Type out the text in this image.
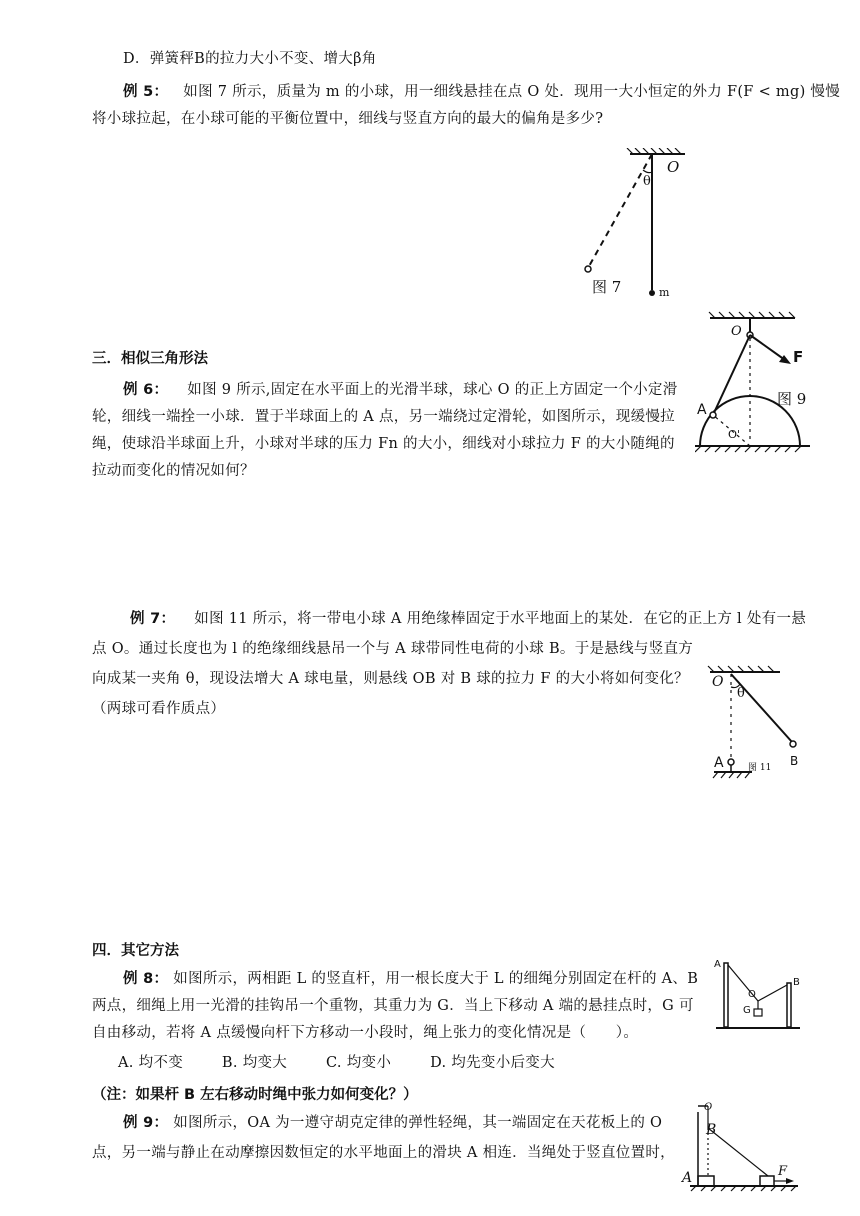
D．弹簧秤B的拉力大小不变、增大β角
例 5： 如图 7 所示，质量为 m 的小球，用一细线悬挂在点 O 处．现用一大小恒定的外力 F(F < mg) 慢慢
将小球拉起，在小球可能的平衡位置中，细线与竖直方向的最大的偏角是多少?
O
θ
m
图 7
三．相似三角形法
O
F
A
O'
图 9
例 6： 如图 9 所示,固定在水平面上的光滑半球，球心 O 的正上方固定一个小定滑
轮，细线一端拴一小球．置于半球面上的 A 点，另一端绕过定滑轮，如图所示，现缓慢拉
绳，使球沿半球面上升，小球对半球的压力 Fn 的大小，细线对小球拉力 F 的大小随绳的
拉动而变化的情况如何？
例 7： 如图 11 所示，将一带电小球 A 用绝缘棒固定于水平地面上的某处．在它的正上方 l 处有一悬
点 O。通过长度也为 l 的绝缘细线悬吊一个与 A 球带同性电荷的小球 B。于是悬线与竖直方
向成某一夹角 θ，现设法增大 A 球电量，则悬线 OB 对 B 球的拉力 F 的大小将如何变化？
（两球可看作质点）
O
θ
A	B
图 11
四．其它方法
例 8： 如图所示，两相距 L 的竖直杆，用一根长度大于 L 的细绳分别固定在杆的 A、B
两点，细绳上用一光滑的挂钩吊一个重物，其重力为 G．当上下移动 A 端的悬挂点时，G 可
自由移动，若将 A 点缓慢向杆下方移动一小段时，绳上张力的变化情况是（　　）。
A. 均不变	B. 均变大	C. 均变小	D. 均先变小后变大
A
B
O
G
（注：如果杆 B 左右移动时绳中张力如何变化？）
例 9： 如图所示，OA 为一遵守胡克定律的弹性轻绳，其一端固定在天花板上的 O
点，另一端与静止在动摩擦因数恒定的水平地面上的滑块 A 相连．当绳处于竖直位置时，
O
B
A	F
